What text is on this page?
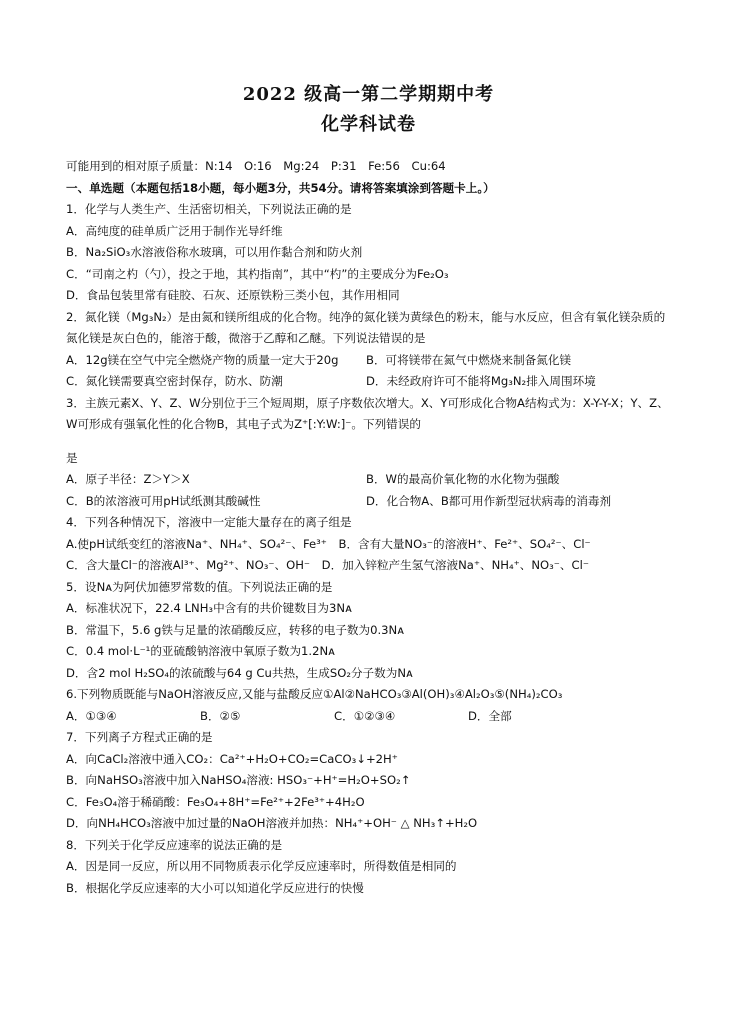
2022 级高一第二学期期中考
化学科试卷
可能用到的相对原子质量：N:14　O:16　Mg:24　P:31　Fe:56　Cu:64
一、单选题（本题包括18小题，每小题3分，共54分。请将答案填涂到答题卡上。）
1．化学与人类生产、生活密切相关，下列说法正确的是
A．高纯度的硅单质广泛用于制作光导纤维
B．Na₂SiO₃水溶液俗称水玻璃，可以用作黏合剂和防火剂
C．“司南之杓（勺），投之于地，其杓指南”，其中“杓”的主要成分为Fe₂O₃
D．食品包装里常有硅胶、石灰、还原铁粉三类小包，其作用相同
2．氮化镁（Mg₃N₂）是由氮和镁所组成的化合物。纯净的氮化镁为黄绿色的粉末，能与水反应，但含有氧化镁杂质的氮化镁是灰白色的，能溶于酸，微溶于乙醇和乙醚。下列说法错误的是
A．12g镁在空气中完全燃烧产物的质量一定大于20g	B．可将镁带在氮气中燃烧来制备氮化镁
C．氮化镁需要真空密封保存，防水、防潮	D．未经政府许可不能将Mg₃N₂排入周围环境
3．主族元素X、Y、Z、W分别位于三个短周期，原子序数依次增大。X、Y可形成化合物A结构式为：X-Y-Y-X；Y、Z、W可形成有强氧化性的化合物B，其电子式为Z⁺[:Y:W:]⁻。下列错误的
是
A．原子半径：Z＞Y＞X	B．W的最高价氧化物的水化物为强酸
C．B的浓溶液可用pH试纸测其酸碱性	D．化合物A、B都可用作新型冠状病毒的消毒剂
4．下列各种情况下，溶液中一定能大量存在的离子组是
A.使pH试纸变红的溶液Na⁺、NH₄⁺、SO₄²⁻、Fe³⁺　B．含有大量NO₃⁻的溶液H⁺、Fe²⁺、SO₄²⁻、Cl⁻
C．含大量Cl⁻的溶液Al³⁺、Mg²⁺、NO₃⁻、OH⁻　D．加入锌粒产生氢气溶液Na⁺、NH₄⁺、NO₃⁻、Cl⁻
5．设Nᴀ为阿伏加德罗常数的值。下列说法正确的是
A．标准状况下，22.4 LNH₃中含有的共价键数目为3Nᴀ
B．常温下，5.6 g铁与足量的浓硝酸反应，转移的电子数为0.3Nᴀ
C．0.4 mol·L⁻¹的亚硫酸钠溶液中氧原子数为1.2Nᴀ
D．含2 mol H₂SO₄的浓硫酸与64 g Cu共热，生成SO₂分子数为Nᴀ
6.下列物质既能与NaOH溶液反应,又能与盐酸反应①Al②NaHCO₃③Al(OH)₃④Al₂O₃⑤(NH₄)₂CO₃
A．①③④	B．②⑤	C．①②③④	D．全部
7．下列离子方程式正确的是
A．向CaCl₂溶液中通入CO₂：Ca²⁺+H₂O+CO₂=CaCO₃↓+2H⁺
B．向NaHSO₃溶液中加入NaHSO₄溶液: HSO₃⁻+H⁺=H₂O+SO₂↑
C．Fe₃O₄溶于稀硝酸：Fe₃O₄+8H⁺=Fe²⁺+2Fe³⁺+4H₂O
D．向NH₄HCO₃溶液中加过量的NaOH溶液并加热：NH₄⁺+OH⁻ △ NH₃↑+H₂O
8．下列关于化学反应速率的说法正确的是
A．因是同一反应，所以用不同物质表示化学反应速率时，所得数值是相同的
B．根据化学反应速率的大小可以知道化学反应进行的快慢
